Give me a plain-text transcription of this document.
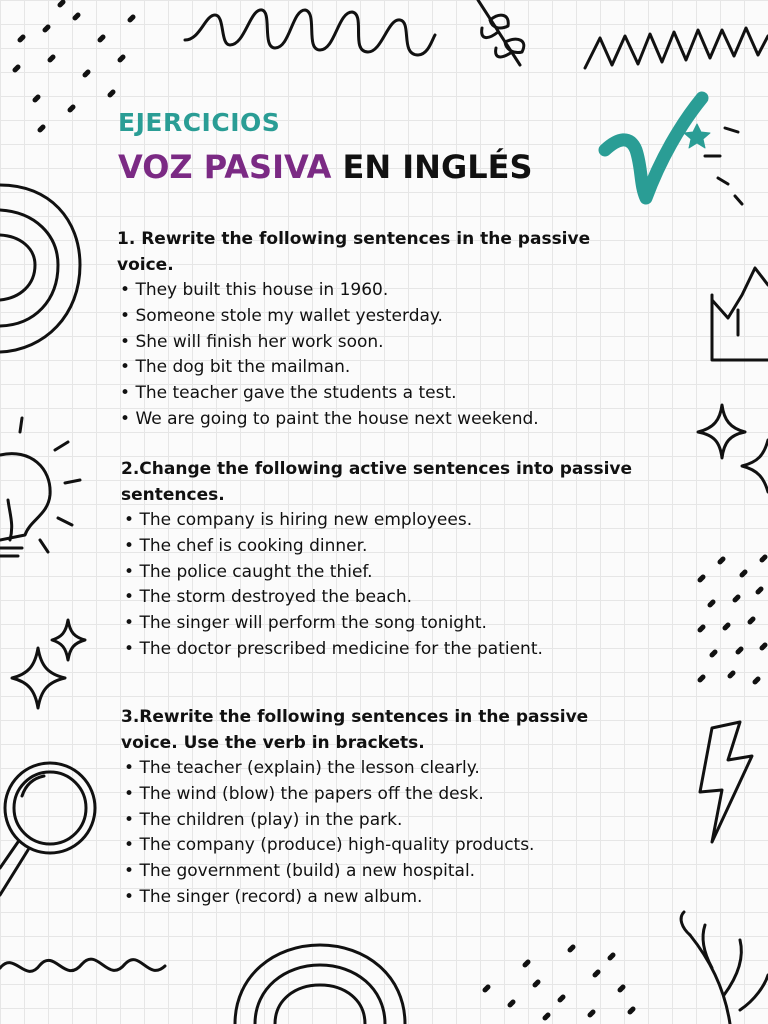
EJERCICIOS
VOZ PASIVA EN INGLÉS
1. Rewrite the following sentences in the passive voice.
• They built this house in 1960.
• Someone stole my wallet yesterday.
• She will finish her work soon.
• The dog bit the mailman.
• The teacher gave the students a test.
• We are going to paint the house next weekend.
2.Change the following active sentences into passive sentences.
• The company is hiring new employees.
• The chef is cooking dinner.
• The police caught the thief.
• The storm destroyed the beach.
• The singer will perform the song tonight.
• The doctor prescribed medicine for the patient.
3.Rewrite the following sentences in the passive voice. Use the verb in brackets.
• The teacher (explain) the lesson clearly.
• The wind (blow) the papers off the desk.
• The children (play) in the park.
• The company (produce) high-quality products.
• The government (build) a new hospital.
• The singer (record) a new album.
